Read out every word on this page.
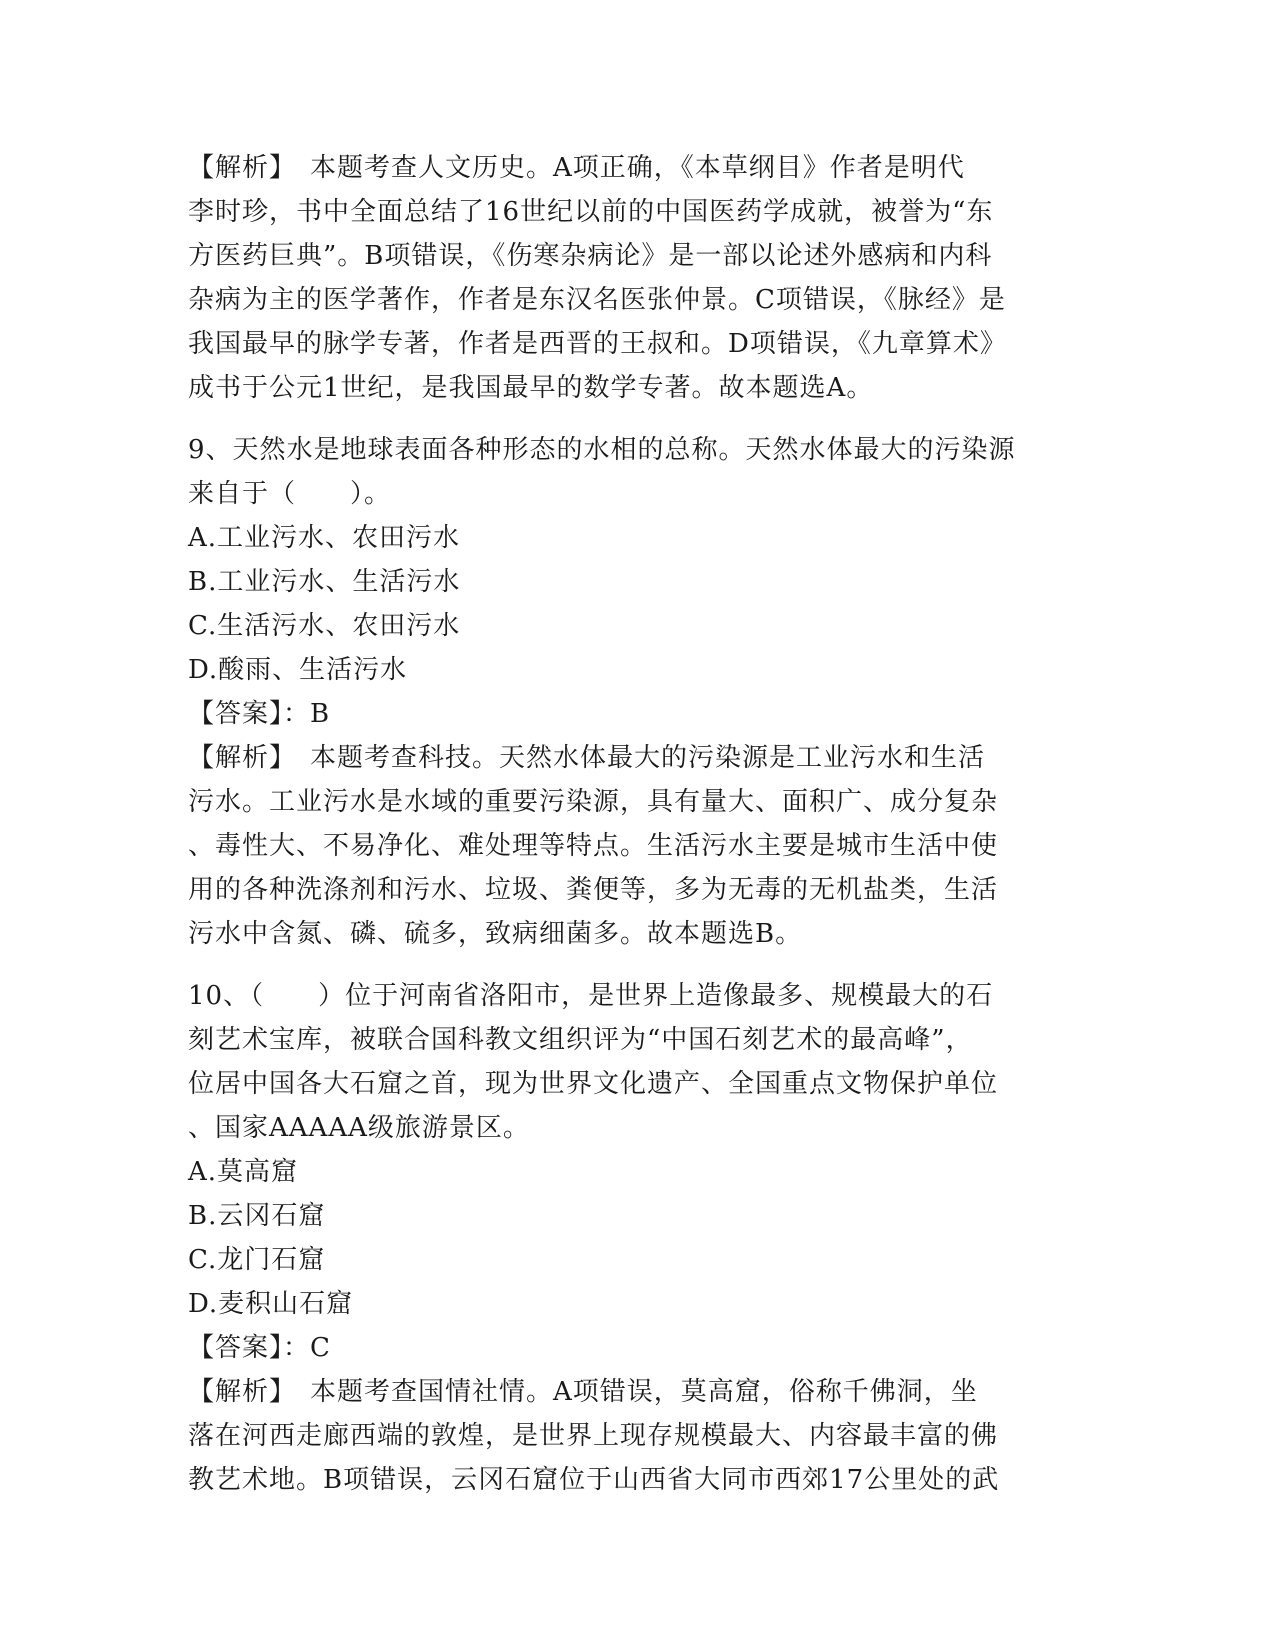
【解析】　本题考查人文历史。A项正确，《本草纲目》作者是明代
李时珍，书中全面总结了16世纪以前的中国医药学成就，被誉为“东
方医药巨典”。B项错误，《伤寒杂病论》是一部以论述外感病和内科
杂病为主的医学著作，作者是东汉名医张仲景。C项错误，《脉经》是
我国最早的脉学专著，作者是西晋的王叔和。D项错误，《九章算术》
成书于公元1世纪，是我国最早的数学专著。故本题选A。
9、天然水是地球表面各种形态的水相的总称。天然水体最大的污染源
来自于（　　）。
A.工业污水、农田污水
B.工业污水、生活污水
C.生活污水、农田污水
D.酸雨、生活污水
【答案】：B
【解析】　本题考查科技。天然水体最大的污染源是工业污水和生活
污水。工业污水是水域的重要污染源，具有量大、面积广、成分复杂
、毒性大、不易净化、难处理等特点。生活污水主要是城市生活中使
用的各种洗涤剂和污水、垃圾、粪便等，多为无毒的无机盐类，生活
污水中含氮、磷、硫多，致病细菌多。故本题选B。
10、（　　）位于河南省洛阳市，是世界上造像最多、规模最大的石
刻艺术宝库，被联合国科教文组织评为“中国石刻艺术的最高峰”，
位居中国各大石窟之首，现为世界文化遗产、全国重点文物保护单位
、国家AAAAA级旅游景区。
A.莫高窟
B.云冈石窟
C.龙门石窟
D.麦积山石窟
【答案】：C
【解析】　本题考查国情社情。A项错误，莫高窟，俗称千佛洞，坐
落在河西走廊西端的敦煌，是世界上现存规模最大、内容最丰富的佛
教艺术地。B项错误，云冈石窟位于山西省大同市西郊17公里处的武
